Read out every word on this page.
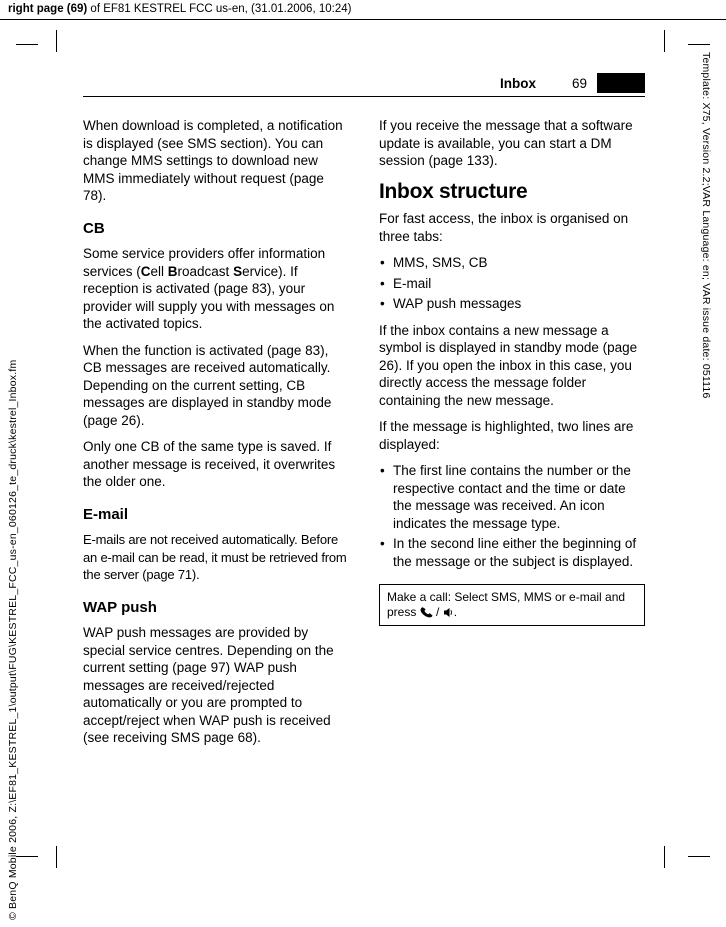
right page (69) of EF81 KESTREL FCC us-en, (31.01.2006, 10:24)
Template: X75, Version 2.2;VAR Language: en; VAR issue date: 051116
© BenQ Mobile 2006, Z:\EF81_KESTREL_1\output\FUG\KESTREL_FCC_us-en_060126_te_druck\kestrel_Inbox.fm
Inbox	69

When download is completed, a notification is displayed (see SMS section). You can change MMS settings to download new MMS immediately without request (page 78).

CB

Some service providers offer information services (Cell Broadcast Service). If reception is activated (page 83), your provider will supply you with messages on the activated topics.

When the function is activated (page 83), CB messages are received automatically. Depending on the current setting, CB messages are displayed in standby mode (page 26).

Only one CB of the same type is saved. If another message is received, it overwrites the older one.

E-mail

E-mails are not received automatically. Before an e-mail can be read, it must be retrieved from the server (page 71).

WAP push

WAP push messages are provided by special service centres. Depending on the current setting (page 97) WAP push messages are received/rejected automatically or you are prompted to accept/reject when WAP push is received (see receiving SMS page 68).

If you receive the message that a software update is available, you can start a DM session (page 133).

Inbox structure

For fast access, the inbox is organised on three tabs:

• MMS, SMS, CB
• E-mail
• WAP push messages

If the inbox contains a new message a symbol is displayed in standby mode (page 26). If you open the inbox in this case, you directly access the message folder containing the new message.

If the message is highlighted, two lines are displayed:

• The first line contains the number or the respective contact and the time or date the message was received. An icon indicates the message type.
• In the second line either the beginning of the message or the subject is displayed.
Make a call: Select SMS, MMS or e-mail and press  / .
